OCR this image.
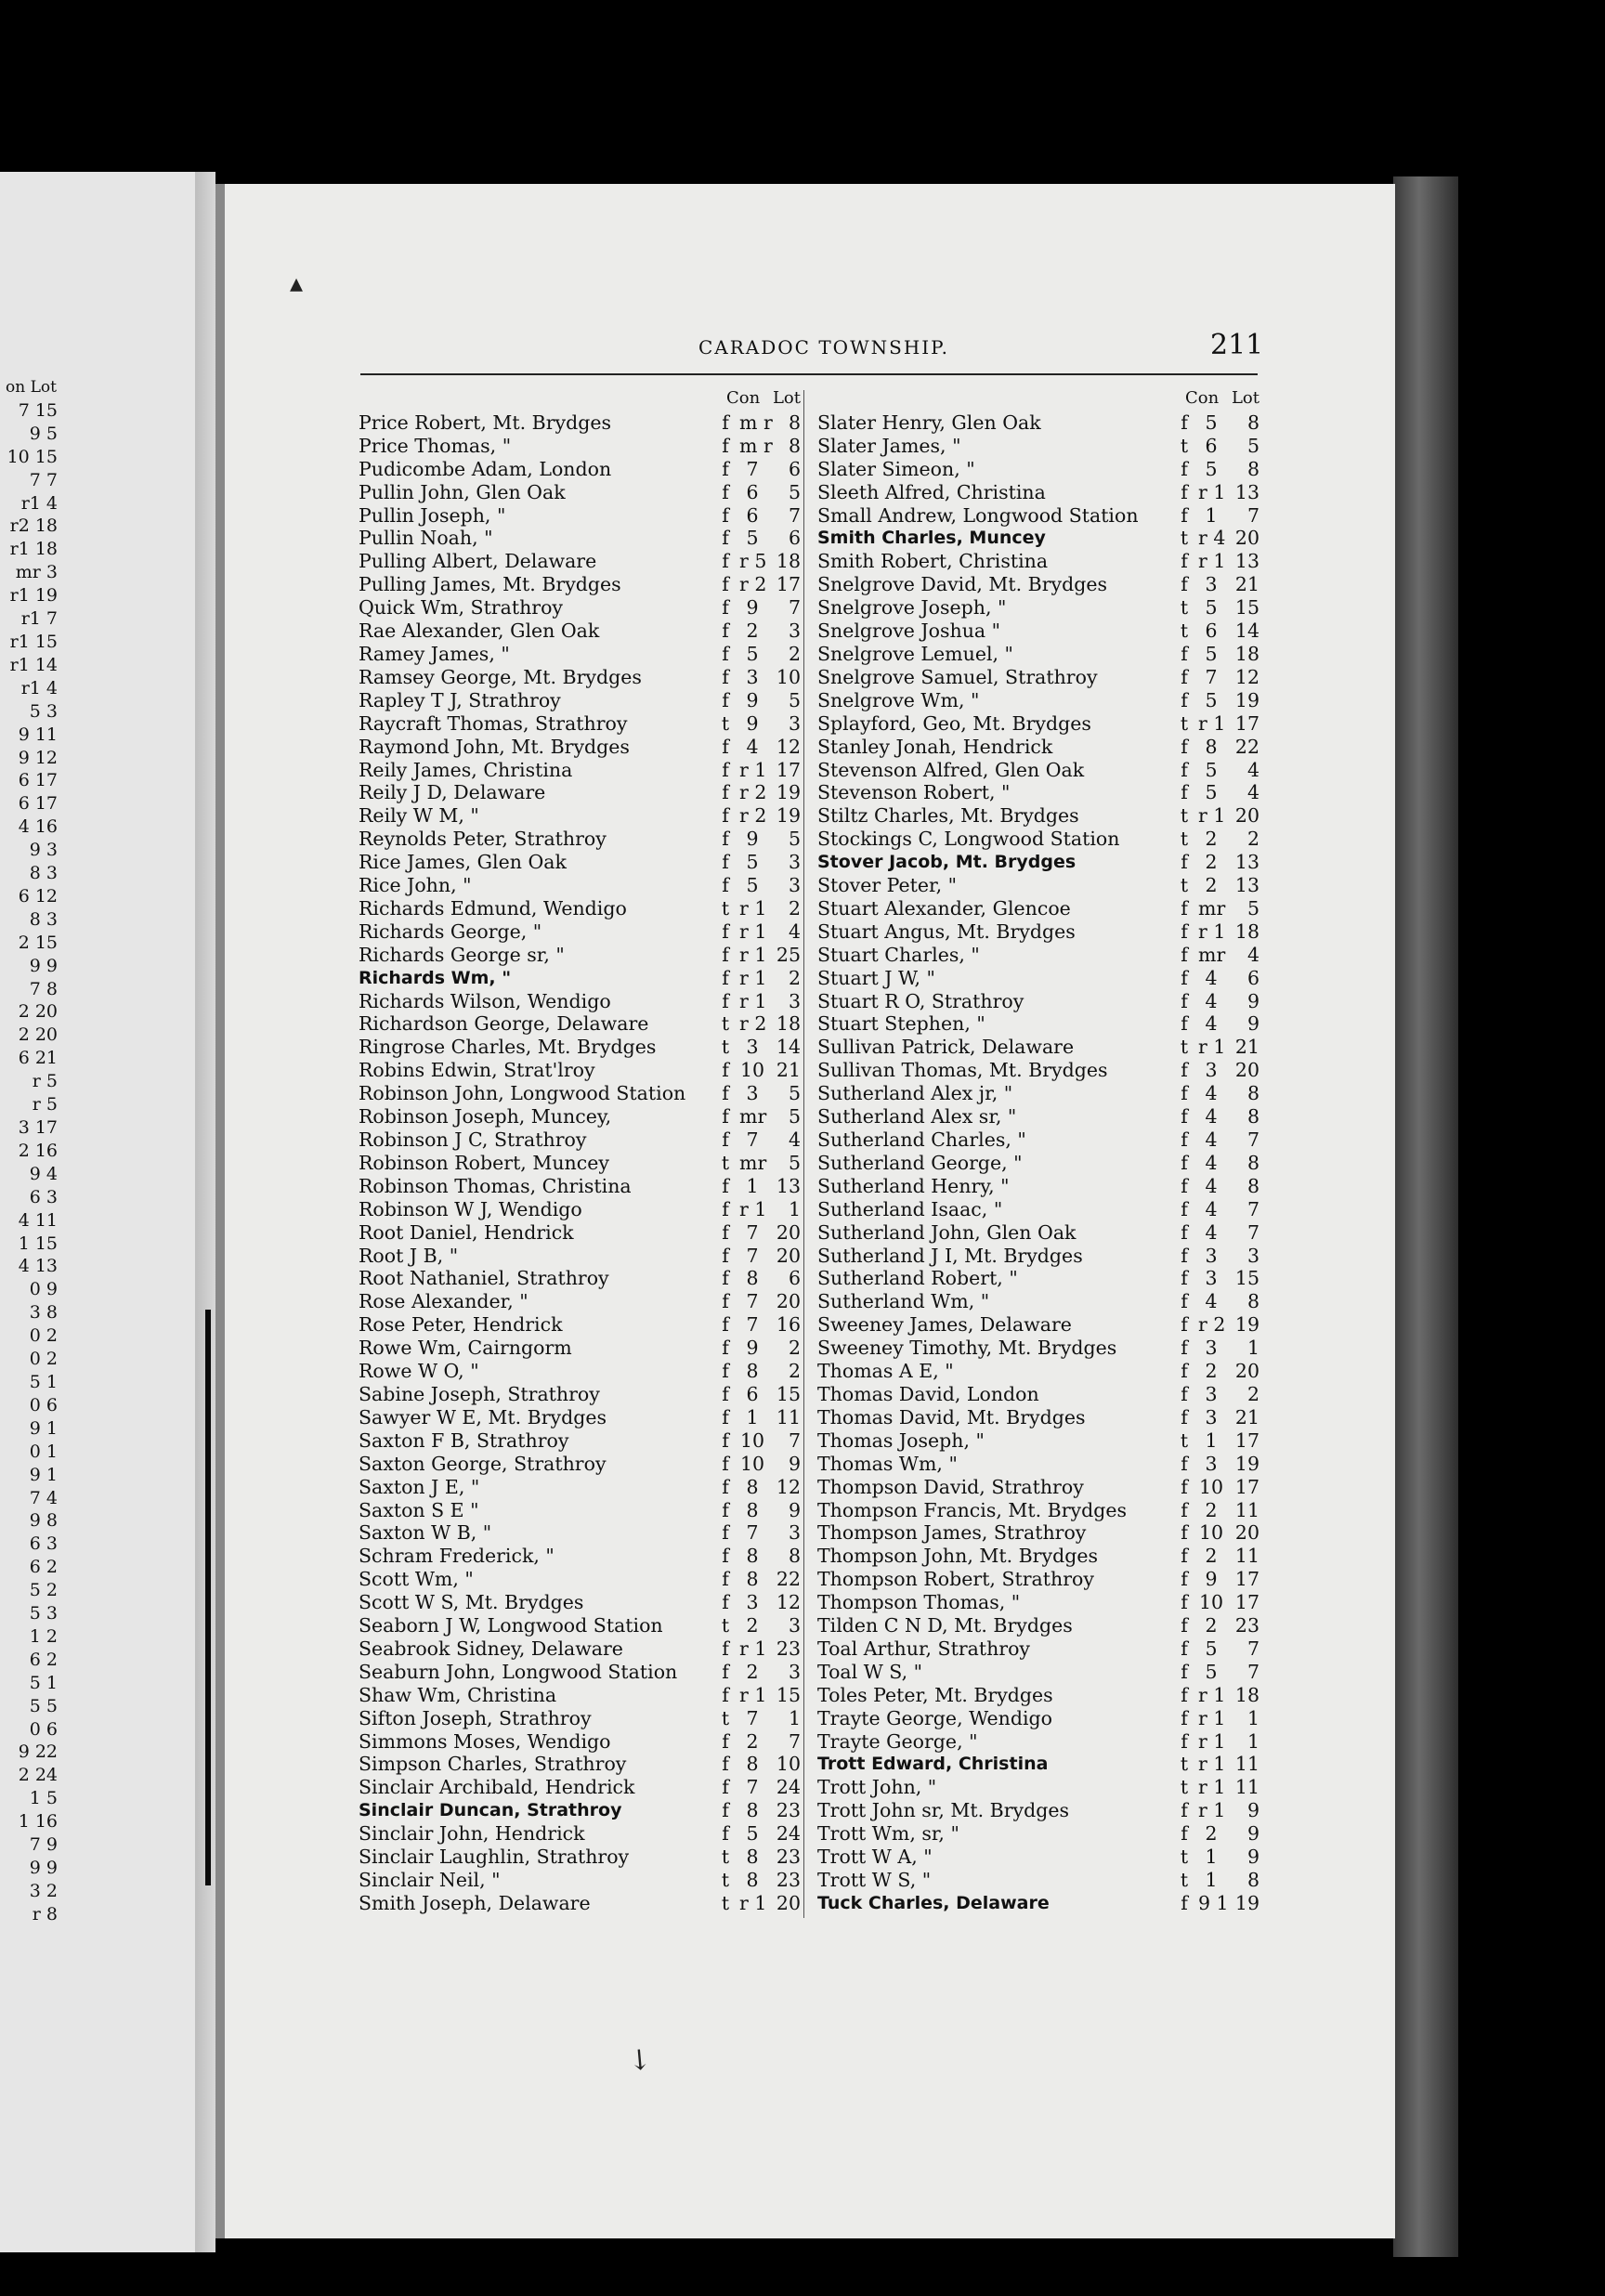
on Lot
7 15
9 5
10 15
7 7
r1 4
r2 18
r1 18
mr 3
r1 19
r1 7
r1 15
r1 14
r1 4
5 3
9 11
9 12
6 17
6 17
4 16
9 3
8 3
6 12
8 3
2 15
9 9
7 8
2 20
2 20
6 21
r 5
r 5
3 17
2 16
9 4
6 3
4 11
1 15
4 13
0 9
3 8
0 2
0 2
5 1
0 6
9 1
0 1
9 1
7 4
9 8
6 3
6 2
5 2
5 3
1 2
6 2
5 1
5 5
0 6
9 22
2 24
1 5
1 16
7 9
9 9
3 2
r 8
CARADOC TOWNSHIP.	211
▴
↘
Con Lot
Price Robert, Mt. Brydges	f m r 8
Price Thomas, "	f m r 8
Pudicombe Adam, London	f 7	6
Pullin John, Glen Oak	f 6	5
Pullin Joseph, "	f 6	7
Pullin Noah, "	f 5	6
Pulling Albert, Delaware	f r 5 18
Pulling James, Mt. Brydges	f r 2 17
Quick Wm, Strathroy	f 9	7
Rae Alexander, Glen Oak	f 2	3
Ramey James, "	f 5	2
Ramsey George, Mt. Brydges	f 3 10
Rapley T J, Strathroy	f 9	5
Raycraft Thomas, Strathroy	t 9	3
Raymond John, Mt. Brydges	f 4 12
Reily James, Christina	f r 1 17
Reily J D, Delaware	f r 2 19
Reily W M, "	f r 2 19
Reynolds Peter, Strathroy	f 9	5
Rice James, Glen Oak	f 5	3
Rice John, "	f 5	3
Richards Edmund, Wendigo	t r 1	2
Richards George, "	f r 1	4
Richards George sr, "	f r 1 25
Richards Wm, "	f r 1	2
Richards Wilson, Wendigo	f r 1	3
Richardson George, Delaware	t r 2 18
Ringrose Charles, Mt. Brydges	t 3 14
Robins Edwin, Strat'lroy	f 10 21
Robinson John, Longwood Station	f 3	5
Robinson Joseph, Muncey,	f mr	5
Robinson J C, Strathroy	f 7	4
Robinson Robert, Muncey	t mr	5
Robinson Thomas, Christina	f 1 13
Robinson W J, Wendigo	f r 1	1
Root Daniel, Hendrick	f 7 20
Root J B, "	f 7 20
Root Nathaniel, Strathroy	f 8	6
Rose Alexander, "	f 7 20
Rose Peter, Hendrick	f 7 16
Rowe Wm, Cairngorm	f 9	2
Rowe W O, "	f 8	2
Sabine Joseph, Strathroy	f 6 15
Sawyer W E, Mt. Brydges	f 1 11
Saxton F B, Strathroy	f 10	7
Saxton George, Strathroy	f 10	9
Saxton J E, "	f 8 12
Saxton S E "	f 8	9
Saxton W B, "	f 7	3
Schram Frederick, "	f 8	8
Scott Wm, "	f 8 22
Scott W S, Mt. Brydges	f 3 12
Seaborn J W, Longwood Station	t 2	3
Seabrook Sidney, Delaware	f r 1 23
Seaburn John, Longwood Station	f 2	3
Shaw Wm, Christina	f r 1 15
Sifton Joseph, Strathroy	t 7	1
Simmons Moses, Wendigo	f 2	7
Simpson Charles, Strathroy	f 8 10
Sinclair Archibald, Hendrick	f 7 24
Sinclair Duncan, Strathroy	f 8 23
Sinclair John, Hendrick	f 5 24
Sinclair Laughlin, Strathroy	t 8 23
Sinclair Neil, "	t 8 23
Smith Joseph, Delaware	t r 1 20
Con Lot
Slater Henry, Glen Oak	f 5	8
Slater James, "	t 6	5
Slater Simeon, "	f 5	8
Sleeth Alfred, Christina	f r 1 13
Small Andrew, Longwood Station	f 1	7
Smith Charles, Muncey	t r 4 20
Smith Robert, Christina	f r 1 13
Snelgrove David, Mt. Brydges	f 3 21
Snelgrove Joseph, "	t 5 15
Snelgrove Joshua "	t 6 14
Snelgrove Lemuel, "	f 5 18
Snelgrove Samuel, Strathroy	f 7 12
Snelgrove Wm, "	f 5 19
Splayford, Geo, Mt. Brydges	t r 1 17
Stanley Jonah, Hendrick	f 8 22
Stevenson Alfred, Glen Oak	f 5	4
Stevenson Robert, "	f 5	4
Stiltz Charles, Mt. Brydges	t r 1 20
Stockings C, Longwood Station	t 2	2
Stover Jacob, Mt. Brydges	f 2 13
Stover Peter, "	t 2 13
Stuart Alexander, Glencoe	f mr	5
Stuart Angus, Mt. Brydges	f r 1 18
Stuart Charles, "	f mr	4
Stuart J W, "	f 4	6
Stuart R O, Strathroy	f 4	9
Stuart Stephen, "	f 4	9
Sullivan Patrick, Delaware	t r 1 21
Sullivan Thomas, Mt. Brydges	f 3 20
Sutherland Alex jr, "	f 4	8
Sutherland Alex sr, "	f 4	8
Sutherland Charles, "	f 4	7
Sutherland George, "	f 4	8
Sutherland Henry, "	f 4	8
Sutherland Isaac, "	f 4	7
Sutherland John, Glen Oak	f 4	7
Sutherland J I, Mt. Brydges	f 3	3
Sutherland Robert, "	f 3 15
Sutherland Wm, "	f 4	8
Sweeney James, Delaware	f r 2 19
Sweeney Timothy, Mt. Brydges	f 3	1
Thomas A E, "	f 2 20
Thomas David, London	f 3	2
Thomas David, Mt. Brydges	f 3 21
Thomas Joseph, "	t 1 17
Thomas Wm, "	f 3 19
Thompson David, Strathroy	f 10 17
Thompson Francis, Mt. Brydges	f 2 11
Thompson James, Strathroy	f 10 20
Thompson John, Mt. Brydges	f 2 11
Thompson Robert, Strathroy	f 9 17
Thompson Thomas, "	f 10 17
Tilden C N D, Mt. Brydges	f 2 23
Toal Arthur, Strathroy	f 5	7
Toal W S, "	f 5	7
Toles Peter, Mt. Brydges	f r 1 18
Trayte George, Wendigo	f r 1	1
Trayte George, "	f r 1	1
Trott Edward, Christina	t r 1 11
Trott John, "	t r 1 11
Trott John sr, Mt. Brydges	f r 1	9
Trott Wm, sr, "	f 2	9
Trott W A, "	t 1	9
Trott W S, "	t 1	8
Tuck Charles, Delaware	f 9 1 19
